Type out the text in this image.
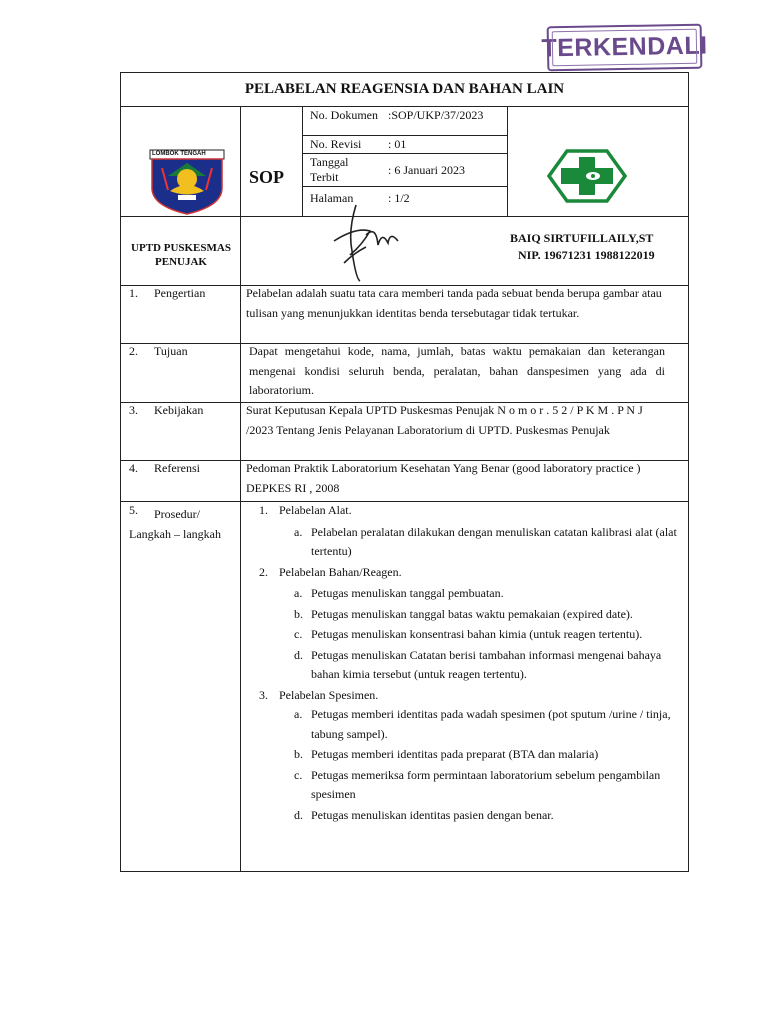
TERKENDALI
PELABELAN REAGENSIA DAN BAHAN LAIN
LOMBOK TENGAH
SOP
No. Dokumen :SOP/UKP/37/2023
No. Revisi : 01
Tanggal Terbit	: 6 Januari 2023
Halaman	: 1/2
UPTD PUSKESMAS PENUJAK
BAIQ SIRTUFILLAILY,ST
NIP. 19671231 1988122019
1. Pengertian	Pelabelan adalah suatu tata cara memberi tanda pada sebuat benda berupa gambar atau tulisan yang menunjukkan identitas benda tersebutagar tidak tertukar.
2. Tujuan	Dapat mengetahui kode, nama, jumlah, batas waktu pemakaian dan keterangan mengenai kondisi seluruh benda, peralatan, bahan danspesimen yang ada di laboratorium.
3. Kebijakan	Surat Keputusan Kepala UPTD Puskesmas Penujak N o m o r . 5 2 / P K M . P N J /2023 Tentang Jenis Pelayanan Laboratorium di UPTD. Puskesmas Penujak
4. Referensi	Pedoman Praktik Laboratorium Kesehatan Yang Benar (good laboratory practice ) DEPKES RI , 2008
5.	Prosedur/ Langkah – langkah
1. Pelabelan Alat.
a. Pelabelan peralatan dilakukan dengan menuliskan catatan kalibrasi alat (alat tertentu)
2. Pelabelan Bahan/Reagen.
a. Petugas menuliskan tanggal pembuatan.
b. Petugas menuliskan tanggal batas waktu pemakaian (expired date).
c. Petugas menuliskan konsentrasi bahan kimia (untuk reagen tertentu).
d. Petugas menuliskan Catatan berisi tambahan informasi mengenai bahaya bahan kimia tersebut (untuk reagen tertentu).
3. Pelabelan Spesimen.
a. Petugas memberi identitas pada wadah spesimen (pot sputum /urine / tinja, tabung sampel).
b. Petugas memberi identitas pada preparat (BTA dan malaria)
c. Petugas memeriksa form permintaan laboratorium sebelum pengambilan spesimen
d. Petugas menuliskan identitas pasien dengan benar.
